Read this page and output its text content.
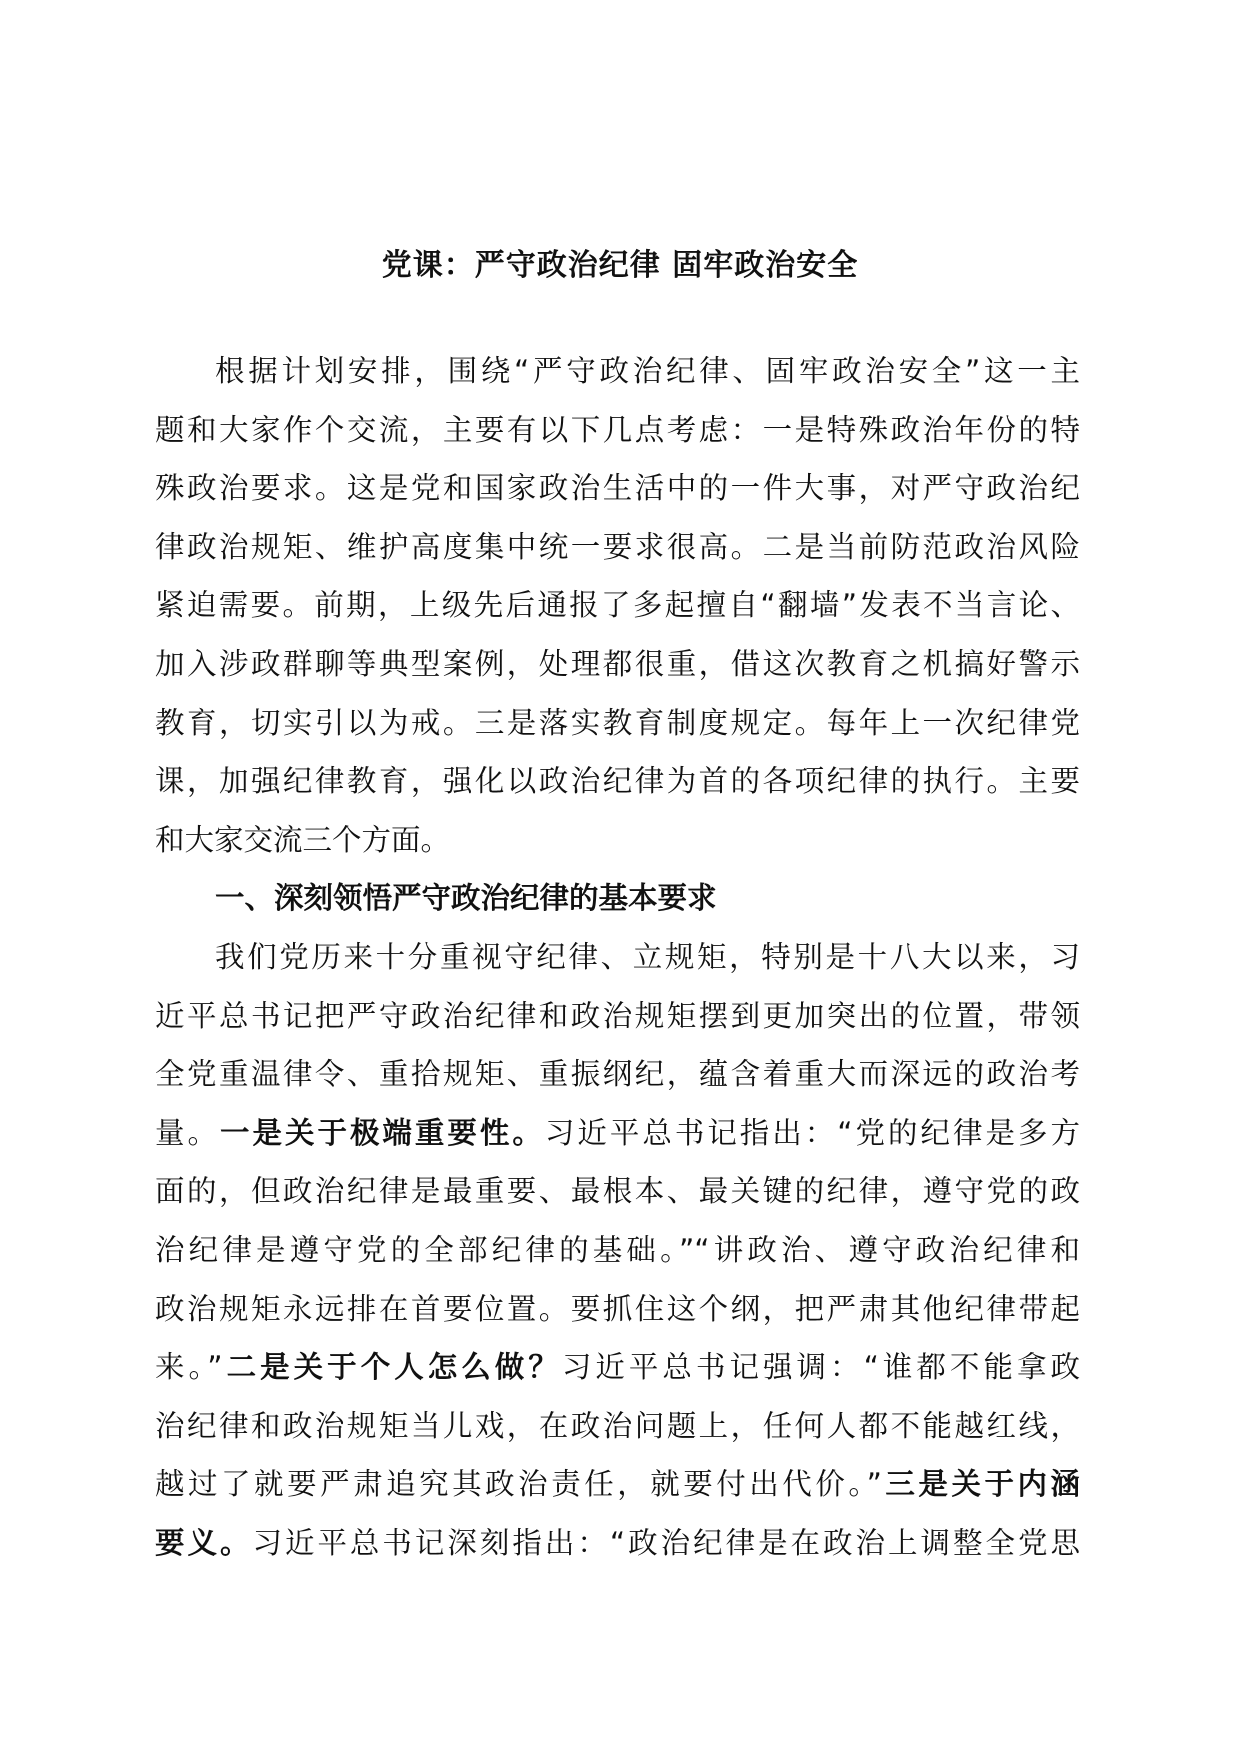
党课：严守政治纪律 固牢政治安全
根据计划安排，围绕“严守政治纪律、固牢政治安全”这一主
题和大家作个交流，主要有以下几点考虑：一是特殊政治年份的特
殊政治要求。这是党和国家政治生活中的一件大事，对严守政治纪
律政治规矩、维护高度集中统一要求很高。二是当前防范政治风险
紧迫需要。前期，上级先后通报了多起擅自“翻墙”发表不当言论、
加入涉政群聊等典型案例，处理都很重，借这次教育之机搞好警示
教育，切实引以为戒。三是落实教育制度规定。每年上一次纪律党
课，加强纪律教育，强化以政治纪律为首的各项纪律的执行。主要
和大家交流三个方面。
一、深刻领悟严守政治纪律的基本要求
我们党历来十分重视守纪律、立规矩，特别是十八大以来，习
近平总书记把严守政治纪律和政治规矩摆到更加突出的位置，带领
全党重温律令、重拾规矩、重振纲纪，蕴含着重大而深远的政治考
量。一是关于极端重要性。习近平总书记指出：“党的纪律是多方
面的，但政治纪律是最重要、最根本、最关键的纪律，遵守党的政
治纪律是遵守党的全部纪律的基础。”“讲政治、遵守政治纪律和
政治规矩永远排在首要位置。要抓住这个纲，把严肃其他纪律带起
来。”二是关于个人怎么做？习近平总书记强调：“谁都不能拿政
治纪律和政治规矩当儿戏，在政治问题上，任何人都不能越红线，
越过了就要严肃追究其政治责任，就要付出代价。”三是关于内涵
要义。习近平总书记深刻指出：“政治纪律是在政治上调整全党思
